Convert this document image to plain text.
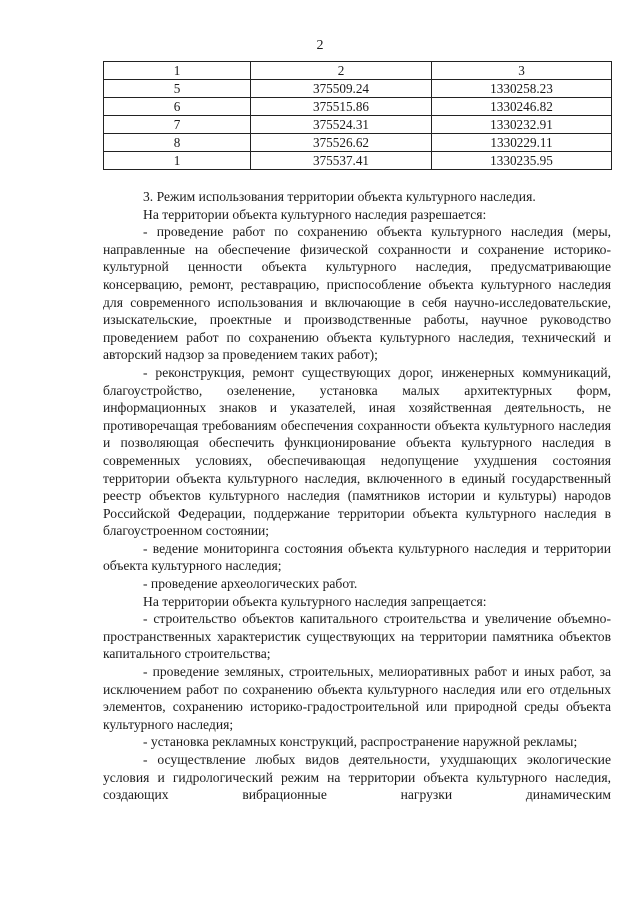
2
1	2	3
5	375509.24	1330258.23
6	375515.86	1330246.82
7	375524.31	1330232.91
8	375526.62	1330229.11
1	375537.41	1330235.95

3. Режим использования территории объекта культурного наследия.

На территории объекта культурного наследия разрешается:

- проведение работ по сохранению объекта культурного наследия (меры, направленные на обеспечение физической сохранности и сохранение историко-культурной ценности объекта культурного наследия, предусматривающие консервацию, ремонт, реставрацию, приспособление объекта культурного наследия для современного использования и включающие в себя научно-исследовательские, изыскательские, проектные и производственные работы, научное руководство проведением работ по сохранению объекта культурного наследия, технический и авторский надзор за проведением таких работ);

- реконструкция, ремонт существующих дорог, инженерных коммуникаций, благоустройство, озеленение, установка малых архитектурных форм, информационных знаков и указателей, иная хозяйственная деятельность, не противоречащая требованиям обеспечения сохранности объекта культурного наследия и позволяющая обеспечить функционирование объекта культурного наследия в современных условиях, обеспечивающая недопущение ухудшения состояния территории объекта культурного наследия, включенного в единый государственный реестр объектов культурного наследия (памятников истории и культуры) народов Российской Федерации, поддержание территории объекта культурного наследия в благоустроенном состоянии;

- ведение мониторинга состояния объекта культурного наследия и территории объекта культурного наследия;

- проведение археологических работ.

На территории объекта культурного наследия запрещается:

- строительство объектов капитального строительства и увеличение объемно-пространственных характеристик существующих на территории памятника объектов капитального строительства;

- проведение земляных, строительных, мелиоративных работ и иных работ, за исключением работ по сохранению объекта культурного наследия или его отдельных элементов, сохранению историко-градостроительной или природной среды объекта культурного наследия;

- установка рекламных конструкций, распространение наружной рекламы;

- осуществление любых видов деятельности, ухудшающих экологические условия и гидрологический режим на территории объекта культурного наследия, создающих вибрационные нагрузки динамическим
